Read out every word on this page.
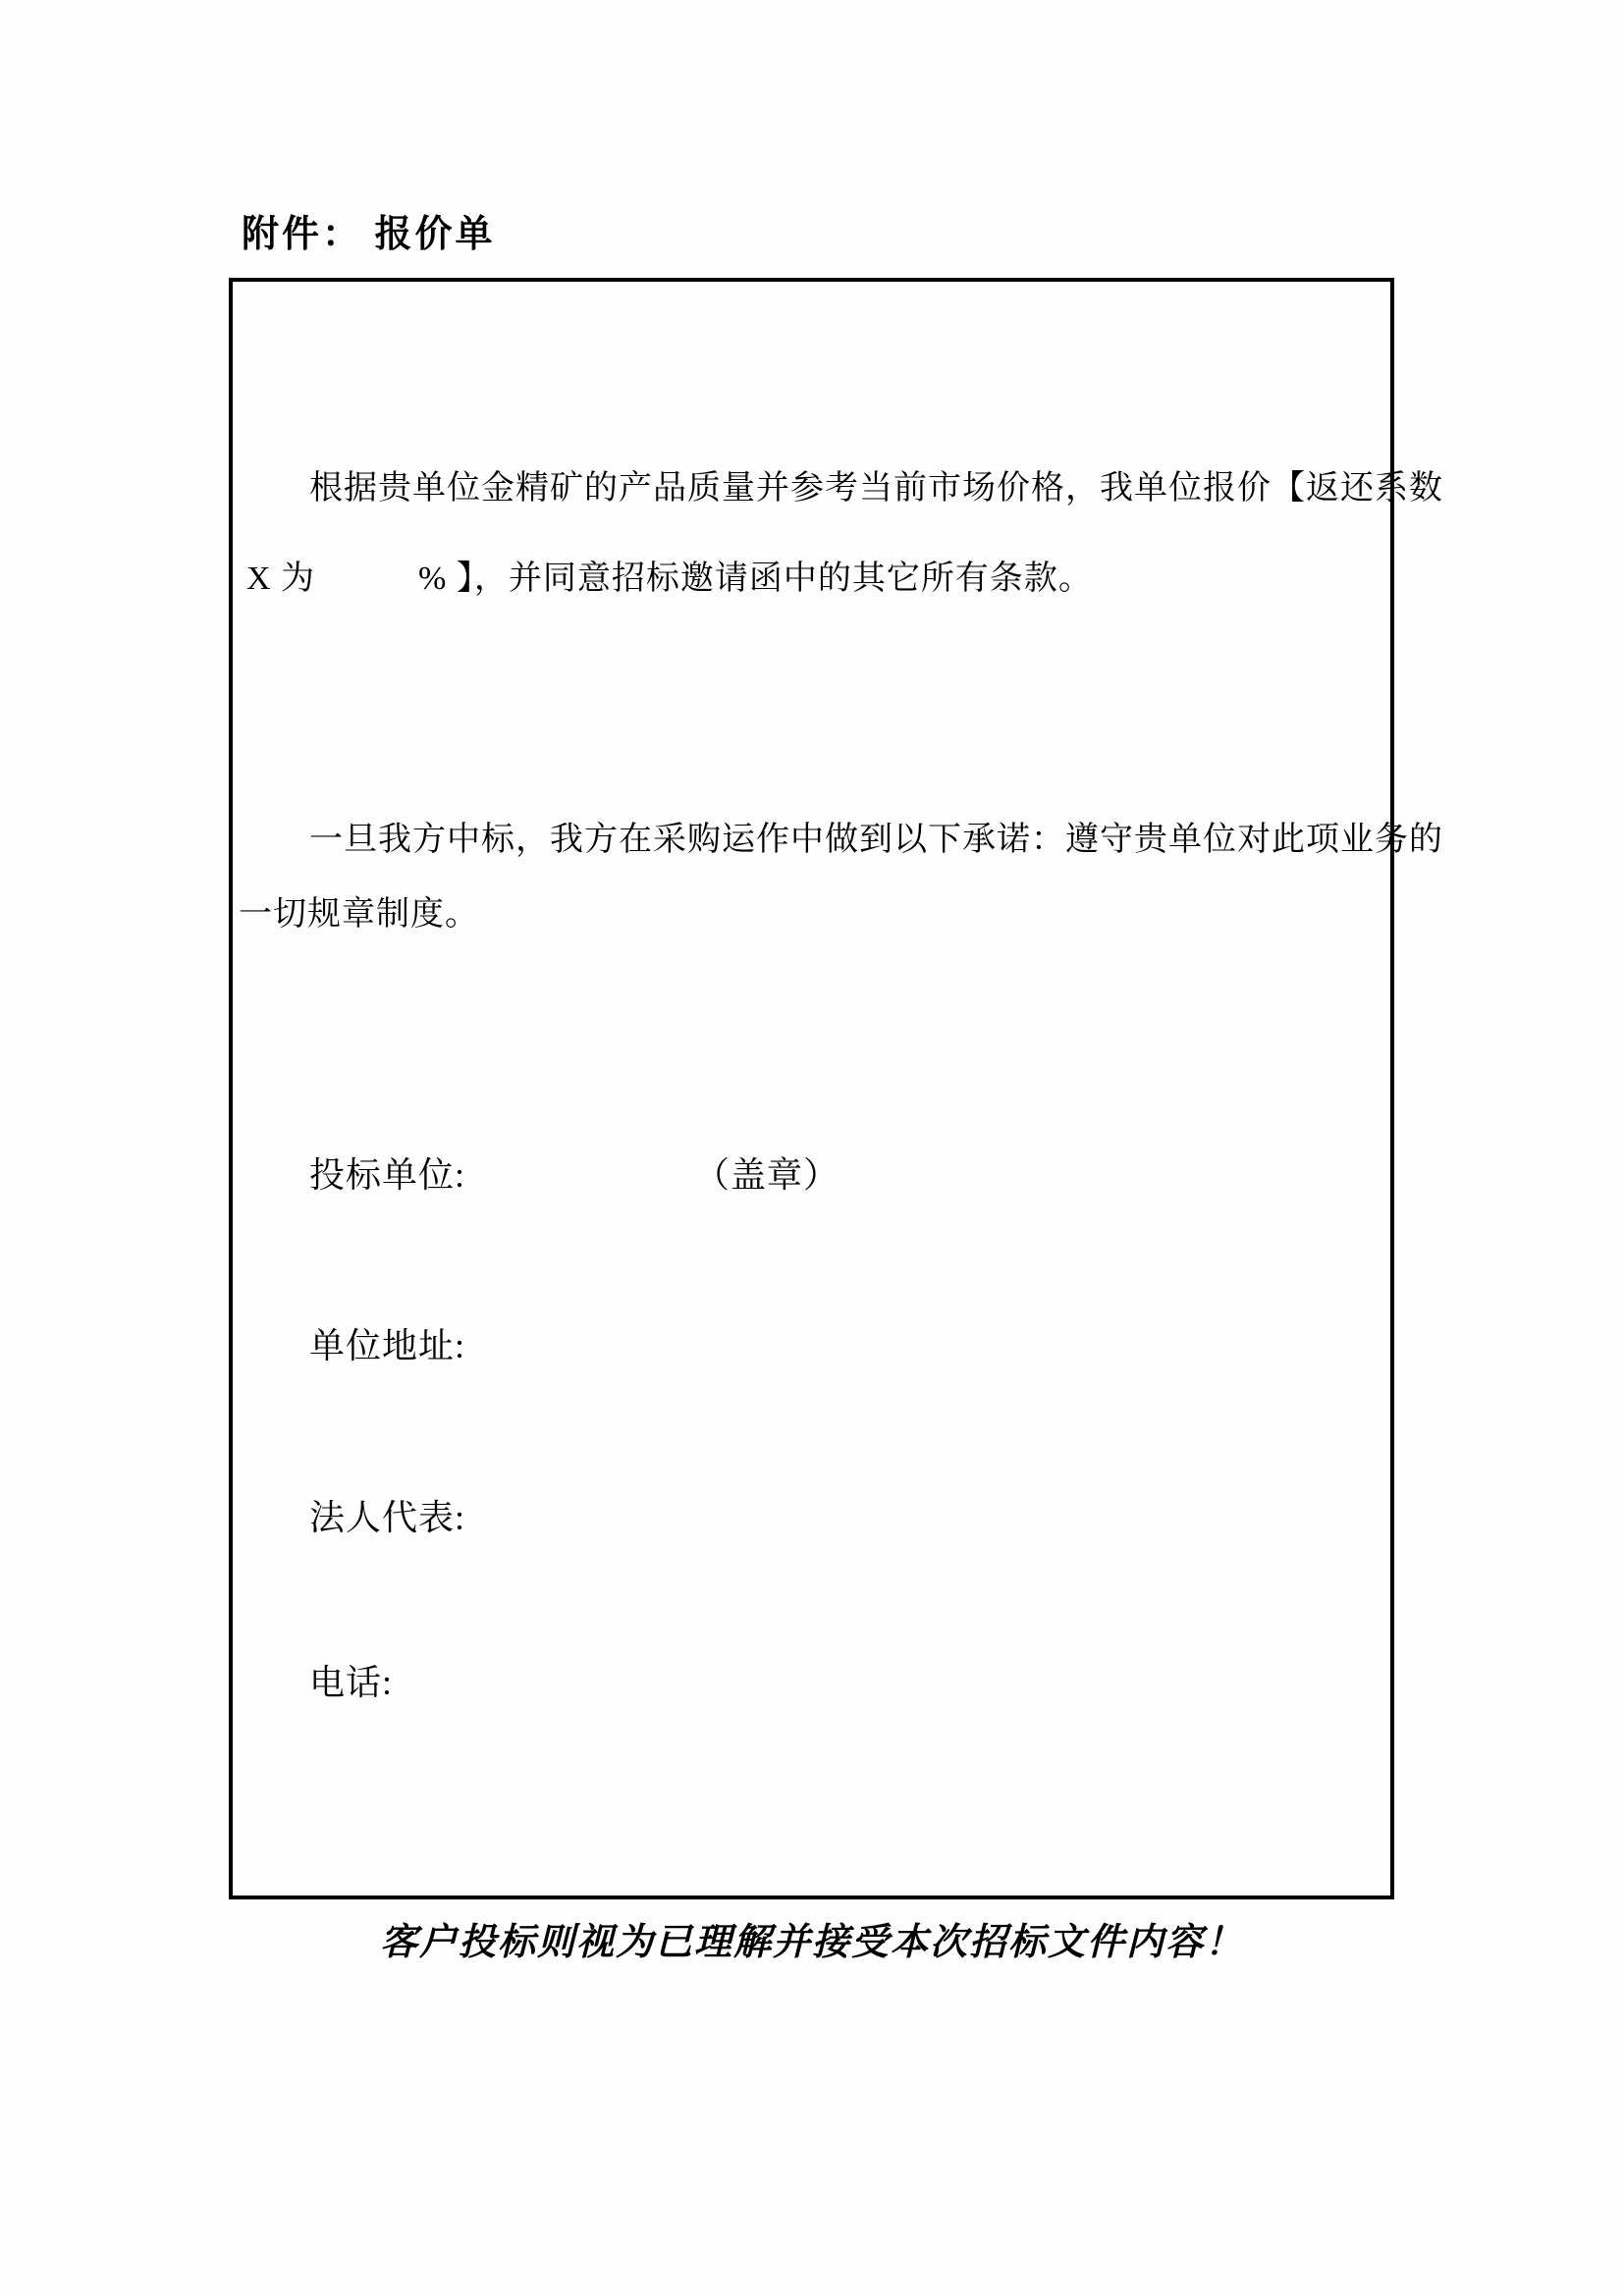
附件： 报价单
根据贵单位金精矿的产品质量并参考当前市场价格，我单位报价【返还系数
X 为　　　% 】，并同意招标邀请函中的其它所有条款。
一旦我方中标，我方在采购运作中做到以下承诺：遵守贵单位对此项业务的
一切规章制度。
投标单位:	（盖章）
单位地址:
法人代表:
电话:
客户投标则视为已理解并接受本次招标文件内容！
